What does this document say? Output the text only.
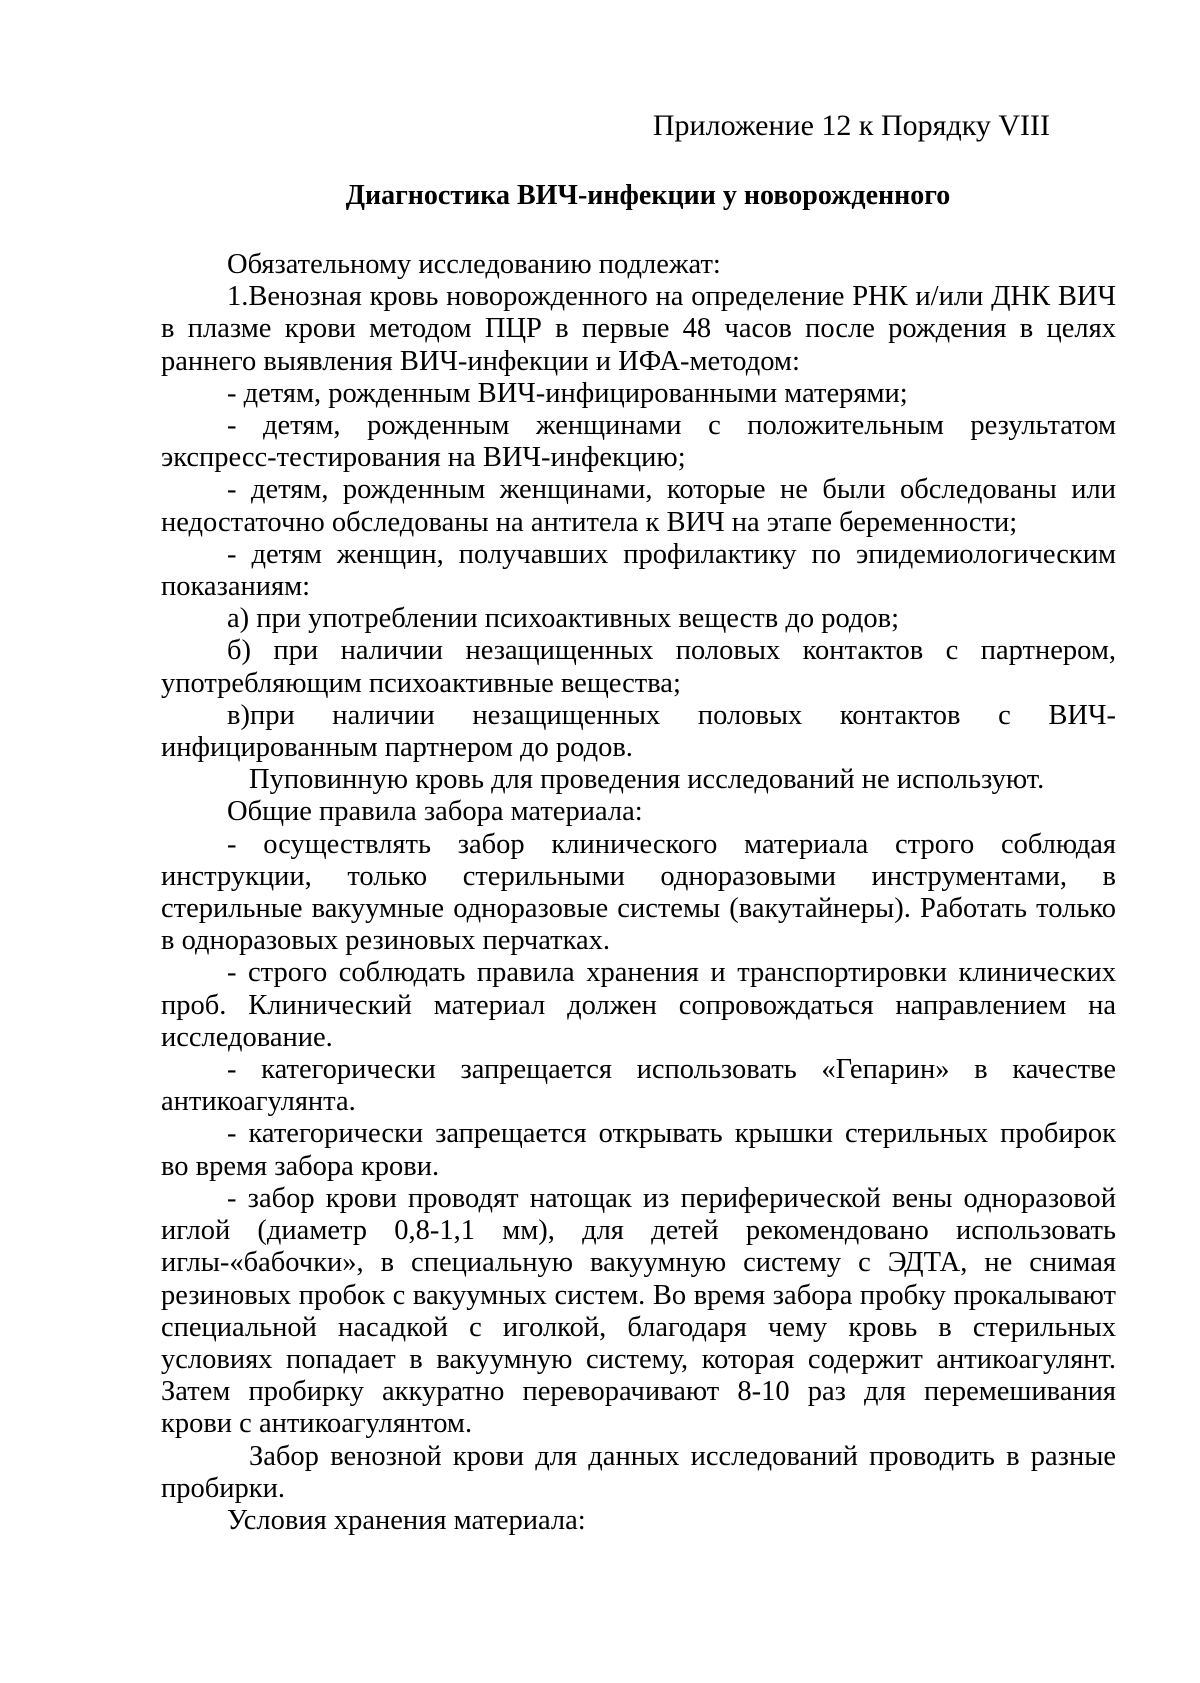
Приложение 12 к Порядку VIII
Диагностика ВИЧ-инфекции у новорожденного

Обязательному исследованию подлежат:

1.Венозная кровь новорожденного на определение РНК и/или ДНК ВИЧ в плазме крови методом ПЦР в первые 48 часов после рождения в целях раннего выявления ВИЧ-инфекции и ИФА-методом:

- детям, рожденным ВИЧ-инфицированными матерями;

- детям, рожденным женщинами с положительным результатом экспресс-тестирования на ВИЧ-инфекцию;

- детям, рожденным женщинами, которые не были обследованы или недостаточно обследованы на антитела к ВИЧ на этапе беременности;

- детям женщин, получавших профилактику по эпидемиологическим показаниям:

а) при употреблении психоактивных веществ до родов;

б) при наличии незащищенных половых контактов с партнером, употребляющим психоактивные вещества;

в)при наличии незащищенных половых контактов с ВИЧ-инфицированным партнером до родов.

Пуповинную кровь для проведения исследований не используют.

Общие правила забора материала:

- осуществлять забор клинического материала строго соблюдая инструкции, только стерильными одноразовыми инструментами, в стерильные вакуумные одноразовые системы (вакутайнеры). Работать только в одноразовых резиновых перчатках.

- строго соблюдать правила хранения и транспортировки клинических проб. Клинический материал должен сопровождаться направлением на исследование.

- категорически запрещается использовать «Гепарин» в качестве антикоагулянта.

- категорически запрещается открывать крышки стерильных пробирок во время забора крови.

- забор крови проводят натощак из периферической вены одноразовой иглой (диаметр 0,8-1,1 мм), для детей рекомендовано использовать иглы-«бабочки», в специальную вакуумную систему с ЭДТА, не снимая резиновых пробок с вакуумных систем. Во время забора пробку прокалывают специальной насадкой с иголкой, благодаря чему кровь в стерильных условиях попадает в вакуумную систему, которая содержит антикоагулянт. Затем пробирку аккуратно переворачивают 8-10 раз для перемешивания крови с антикоагулянтом.

Забор венозной крови для данных исследований проводить в разные пробирки.

Условия хранения материала:
